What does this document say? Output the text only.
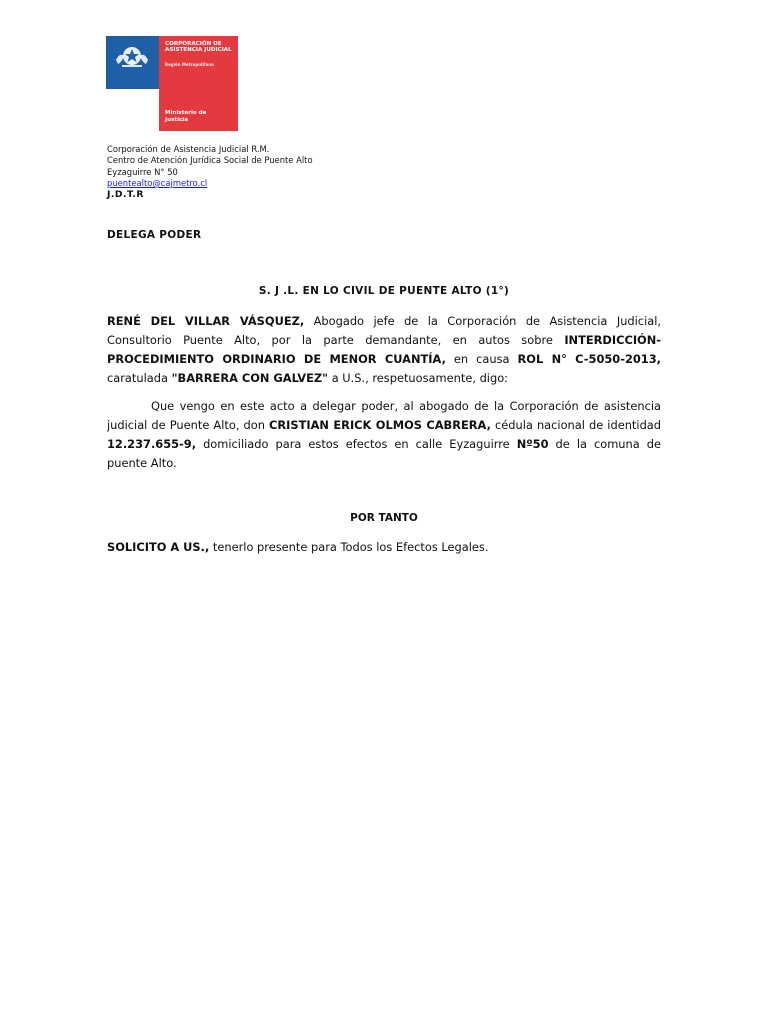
CORPORACIÓN DE ASISTENCIA JUDICIAL
Región Metropolitana
Ministerio de Justicia
Corporación de Asistencia Judicial R.M.
Centro de Atención Jurídica Social de Puente Alto
Eyzaguirre N° 50
puentealto@cajmetro.cl
J.D.T.R
DELEGA PODER
S. J .L. EN LO CIVIL DE PUENTE ALTO (1°)
RENÉ DEL VILLAR VÁSQUEZ, Abogado jefe de la Corporación de Asistencia Judicial, Consultorio Puente Alto, por la parte demandante, en autos sobre INTERDICCIÓN-PROCEDIMIENTO ORDINARIO DE MENOR CUANTÍA, en causa ROL N° C-5050-2013, caratulada "BARRERA CON GALVEZ" a U.S., respetuosamente, digo:
Que vengo en este acto a delegar poder, al abogado de la Corporación de asistencia judicial de Puente Alto, don CRISTIAN ERICK OLMOS CABRERA, cédula nacional de identidad 12.237.655-9, domiciliado para estos efectos en calle Eyzaguirre Nº50 de la comuna de puente Alto.
POR TANTO
SOLICITO A US., tenerlo presente para Todos los Efectos Legales.
